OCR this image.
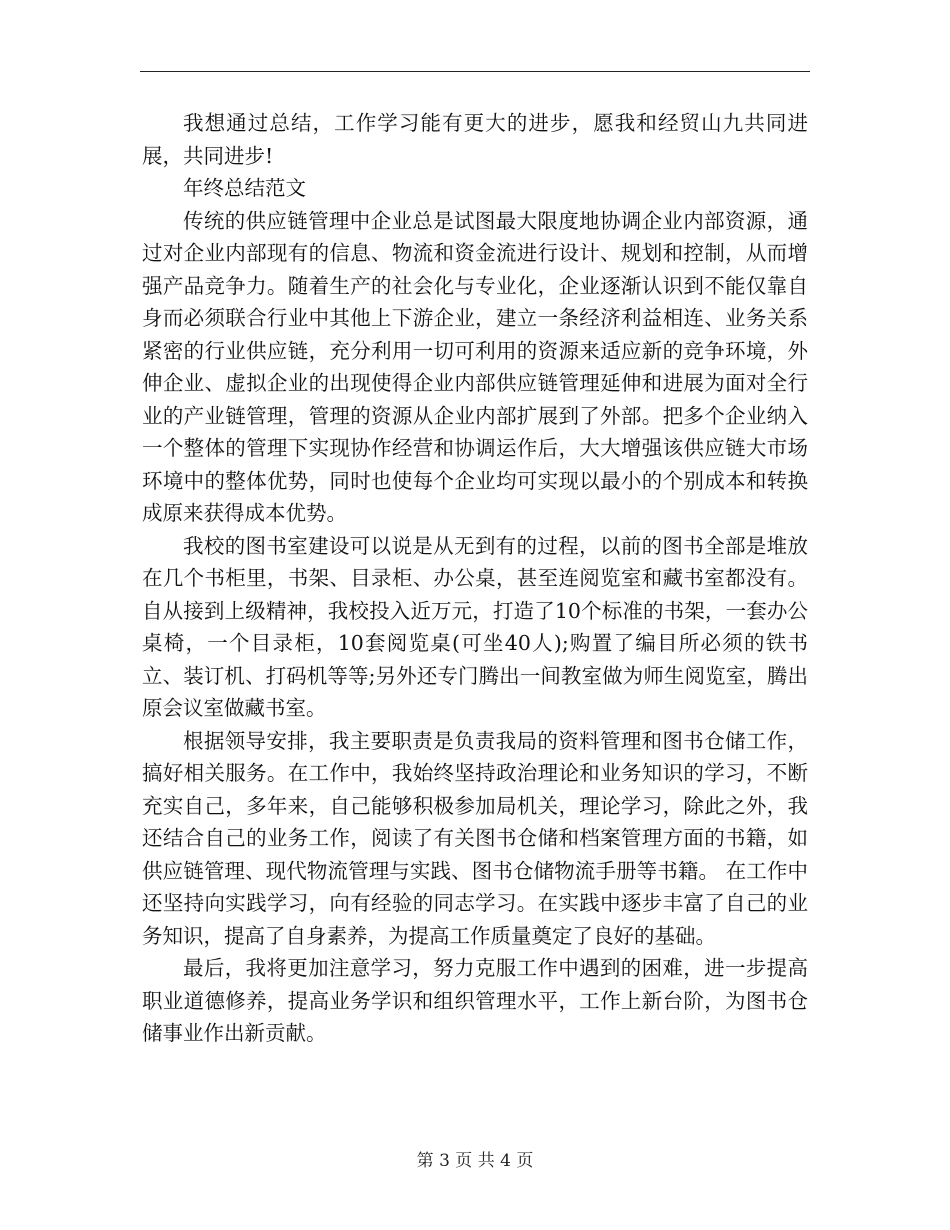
我想通过总结，工作学习能有更大的进步，愿我和经贸山九共同进展，共同进步!

年终总结范文

传统的供应链管理中企业总是试图最大限度地协调企业内部资源，通过对企业内部现有的信息、物流和资金流进行设计、规划和控制，从而增强产品竞争力。随着生产的社会化与专业化，企业逐渐认识到不能仅靠自身而必须联合行业中其他上下游企业，建立一条经济利益相连、业务关系紧密的行业供应链，充分利用一切可利用的资源来适应新的竞争环境，外伸企业、虚拟企业的出现使得企业内部供应链管理延伸和进展为面对全行业的产业链管理，管理的资源从企业内部扩展到了外部。把多个企业纳入一个整体的管理下实现协作经营和协调运作后，大大增强该供应链大市场环境中的整体优势，同时也使每个企业均可实现以最小的个别成本和转换成原来获得成本优势。

我校的图书室建设可以说是从无到有的过程，以前的图书全部是堆放在几个书柜里，书架、目录柜、办公桌，甚至连阅览室和藏书室都没有。自从接到上级精神，我校投入近万元，打造了10个标准的书架，一套办公桌椅，一个目录柜，10套阅览桌(可坐40人);购置了编目所必须的铁书立、装订机、打码机等等;另外还专门腾出一间教室做为师生阅览室，腾出原会议室做藏书室。

根据领导安排，我主要职责是负责我局的资料管理和图书仓储工作，搞好相关服务。在工作中，我始终坚持政治理论和业务知识的学习，不断充实自己，多年来，自己能够积极参加局机关，理论学习，除此之外，我还结合自己的业务工作，阅读了有关图书仓储和档案管理方面的书籍，如供应链管理、现代物流管理与实践、图书仓储物流手册等书籍。 在工作中还坚持向实践学习，向有经验的同志学习。在实践中逐步丰富了自己的业务知识，提高了自身素养，为提高工作质量奠定了良好的基础。

最后，我将更加注意学习，努力克服工作中遇到的困难，进一步提高职业道德修养，提高业务学识和组织管理水平，工作上新台阶，为图书仓储事业作出新贡献。

第 3 页 共 4 页
